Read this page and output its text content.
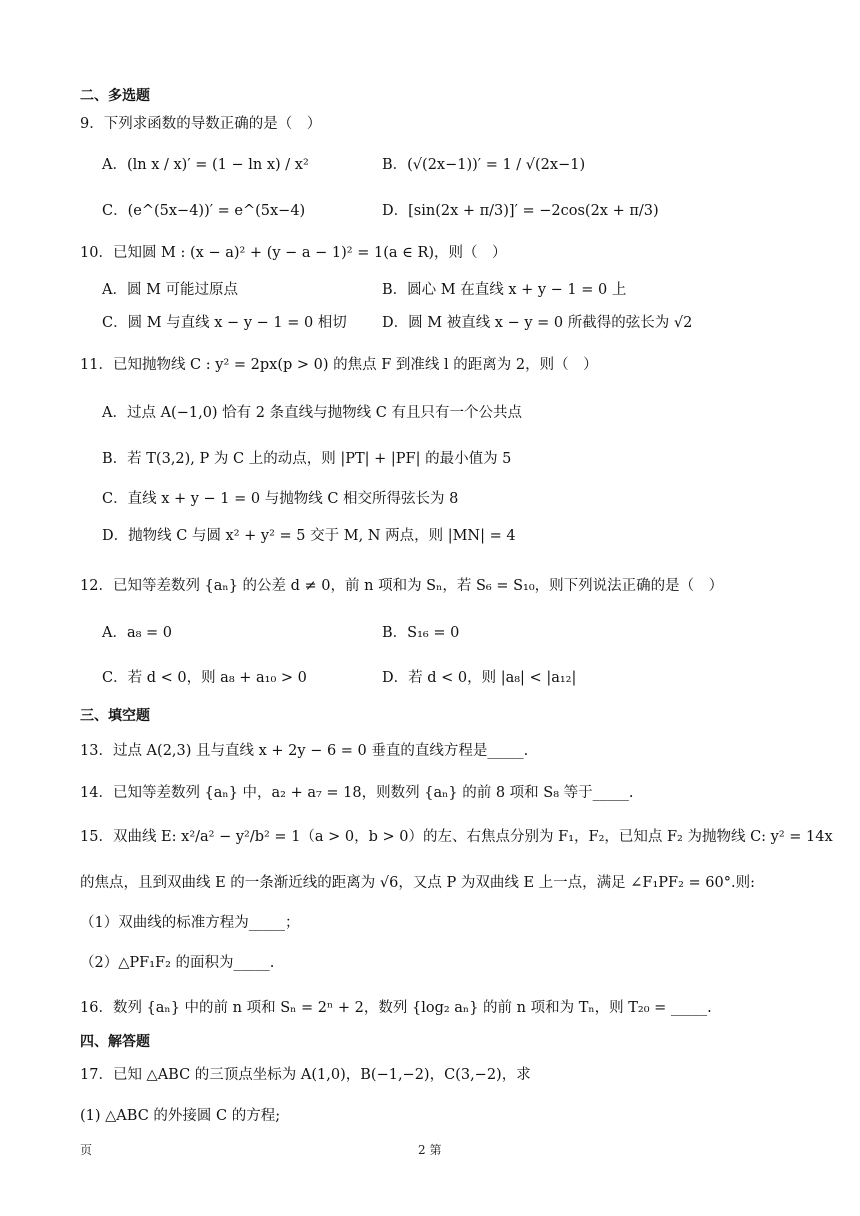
二、多选题
9．下列求函数的导数正确的是（　）
A．(ln x / x)′ = (1 − ln x) / x²	B．(√(2x−1))′ = 1 / √(2x−1)
C．(e^(5x−4))′ = e^(5x−4)	D．[sin(2x + π/3)]′ = −2cos(2x + π/3)
10．已知圆 M : (x − a)² + (y − a − 1)² = 1(a ∈ R)，则（　）
A．圆 M 可能过原点	B．圆心 M 在直线 x + y − 1 = 0 上
C．圆 M 与直线 x − y − 1 = 0 相切 D．圆 M 被直线 x − y = 0 所截得的弦长为 √2
11．已知抛物线 C : y² = 2px(p > 0) 的焦点 F 到准线 l 的距离为 2，则（　）
A．过点 A(−1,0) 恰有 2 条直线与抛物线 C 有且只有一个公共点
B．若 T(3,2), P 为 C 上的动点，则 |PT| + |PF| 的最小值为 5
C．直线 x + y − 1 = 0 与抛物线 C 相交所得弦长为 8
D．抛物线 C 与圆 x² + y² = 5 交于 M, N 两点，则 |MN| = 4
12．已知等差数列 {aₙ} 的公差 d ≠ 0，前 n 项和为 Sₙ，若 S₆ = S₁₀，则下列说法正确的是（　）
A．a₈ = 0	B．S₁₆ = 0
C．若 d < 0，则 a₈ + a₁₀ > 0	D．若 d < 0，则 |a₈| < |a₁₂|
三、填空题
13．过点 A(2,3) 且与直线 x + 2y − 6 = 0 垂直的直线方程是_____.
14．已知等差数列 {aₙ} 中，a₂ + a₇ = 18，则数列 {aₙ} 的前 8 项和 S₈ 等于_____.
15．双曲线 E: x²/a² − y²/b² = 1（a > 0，b > 0）的左、右焦点分别为 F₁，F₂，已知点 F₂ 为抛物线 C: y² = 14x
的焦点，且到双曲线 E 的一条渐近线的距离为 √6，又点 P 为双曲线 E 上一点，满足 ∠F₁PF₂ = 60°.则:
（1）双曲线的标准方程为_____；
（2）△PF₁F₂ 的面积为_____.
16．数列 {aₙ} 中的前 n 项和 Sₙ = 2ⁿ + 2，数列 {log₂ aₙ} 的前 n 项和为 Tₙ，则 T₂₀ = _____.
四、解答题
17．已知 △ABC 的三顶点坐标为 A(1,0)，B(−1,−2)，C(3,−2)，求
(1) △ABC 的外接圆 C 的方程;
页	2 第
